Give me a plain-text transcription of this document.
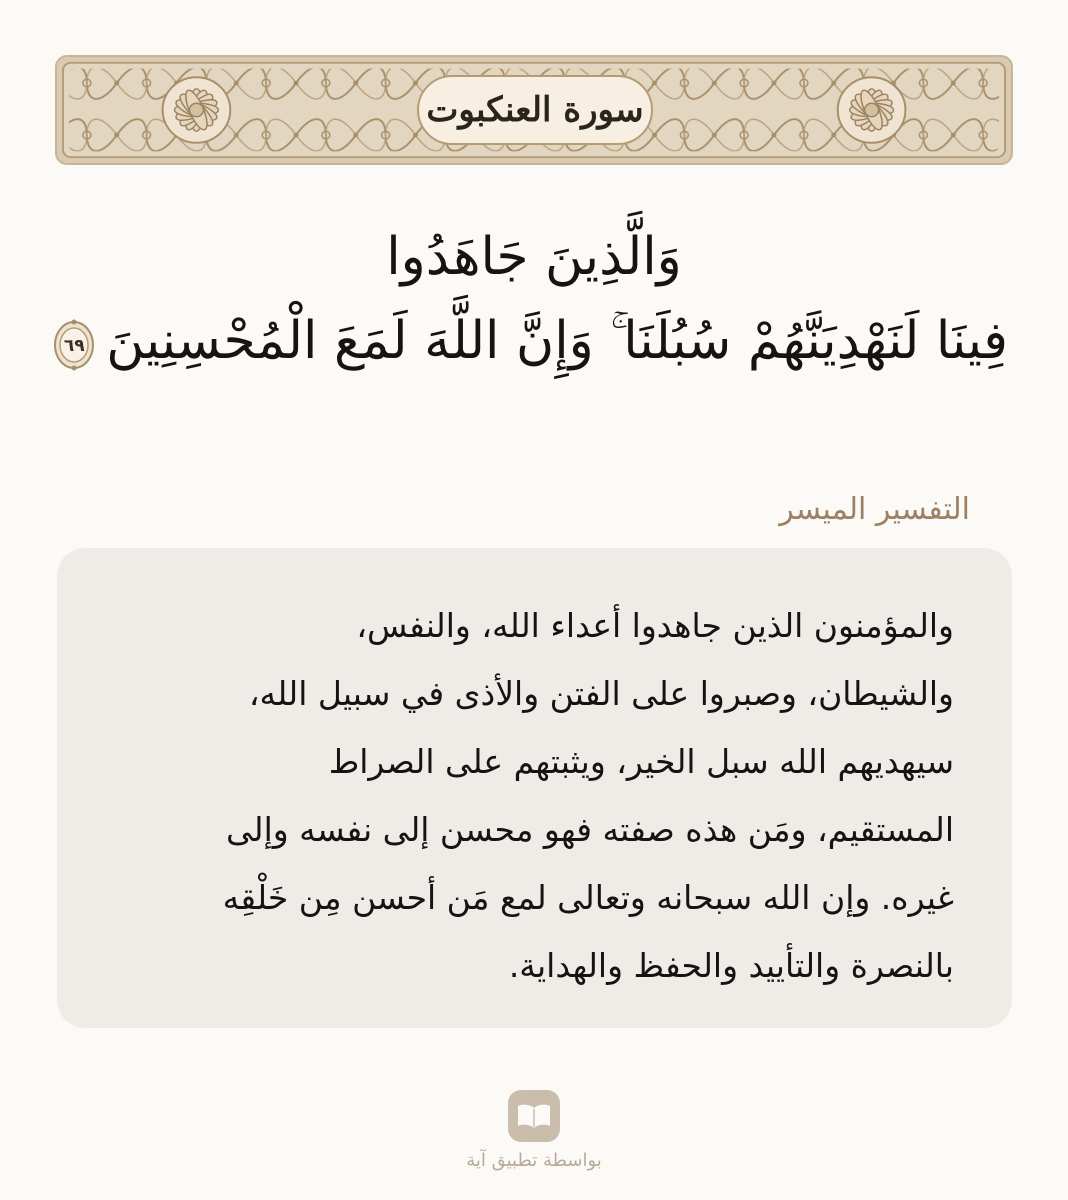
سورة العنكبوت
وَالَّذِينَ جَاهَدُوا
فِينَا لَنَهْدِيَنَّهُمْ سُبُلَنَا ۚ وَإِنَّ اللَّهَ لَمَعَ الْمُحْسِنِينَ
٦٩
التفسير الميسر

والمؤمنون الذين جاهدوا أعداء الله، والنفس،
والشيطان، وصبروا على الفتن والأذى في سبيل الله،
سيهديهم الله سبل الخير، ويثبتهم على الصراط
المستقيم، ومَن هذه صفته فهو محسن إلى نفسه وإلى
غيره. وإن الله سبحانه وتعالى لمع مَن أحسن مِن خَلْقِه
بالنصرة والتأييد والحفظ والهداية.

بواسطة تطبيق آية
